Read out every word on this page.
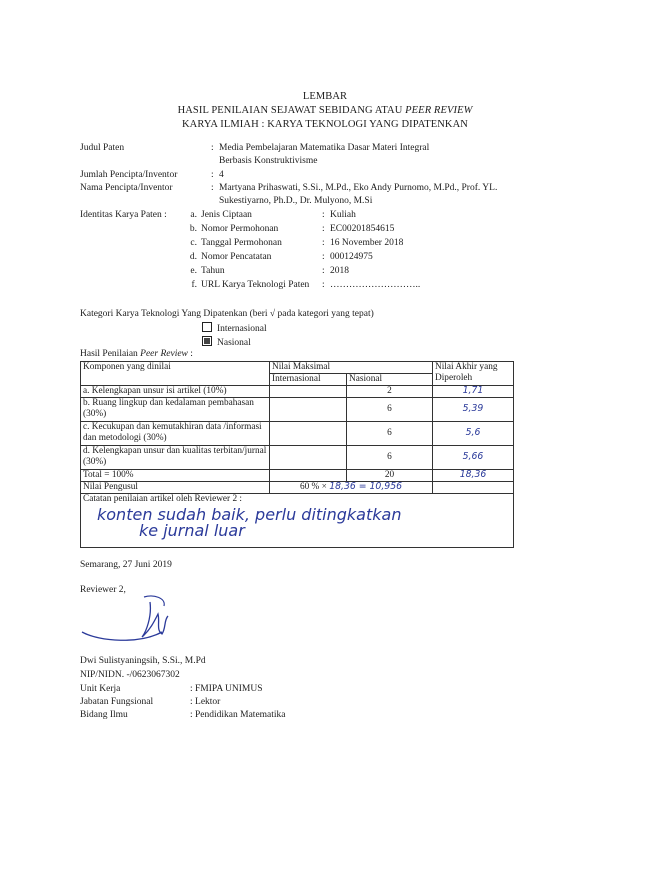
LEMBAR
HASIL PENILAIAN SEJAWAT SEBIDANG ATAU PEER REVIEW
KARYA ILMIAH : KARYA TEKNOLOGI YANG DIPATENKAN
Judul Paten	: Media Pembelajaran Matematika Dasar Materi Integral
Berbasis Konstruktivisme
Jumlah Pencipta/Inventor	: 4
Nama Pencipta/Inventor	: Martyana Prihaswati, S.Si., M.Pd., Eko Andy Purnomo, M.Pd., Prof. YL.
Sukestiyarno, Ph.D., Dr. Mulyono, M.Si
Identitas Karya Paten : a. Jenis Ciptaan	: Kuliah
b. Nomor Permohonan	: EC00201854615
c. Tanggal Permohonan	: 16 November 2018
d. Nomor Pencatatan	: 000124975
e. Tahun	: 2018
f. URL Karya Teknologi Paten : ………………………..
Kategori Karya Teknologi Yang Dipatenkan (beri √ pada kategori yang tepat)
Internasional
Nasional
Hasil Penilaian Peer Review :
Komponen yang dinilai	Nilai Maksimal		Nilai Akhir yang Diperoleh
	Internasional	Nasional	
a. Kelengkapan unsur isi artikel (10%)		2	1,71
b. Ruang lingkup dan kedalaman pembahasan (30%)		6	5,39
c. Kecukupan dan kemutakhiran data /informasi dan metodologi (30%)		6	5,6
d. Kelengkapan unsur dan kualitas terbitan/jurnal (30%)		6	5,66
Total = 100%		20	18,36
Nilai Pengusul	60 % × 18,36 = 10,956		

Catatan penilaian artikel oleh Reviewer 2 :
konten sudah baik, perlu ditingkatkan
ke jurnal luar			
Semarang, 27 Juni 2019
Reviewer 2,
Dwi Sulistyaningsih, S.Si., M.Pd
NIP/NIDN. -/0623067302
Unit Kerja	: FMIPA UNIMUS
Jabatan Fungsional	: Lektor
Bidang Ilmu	: Pendidikan Matematika
